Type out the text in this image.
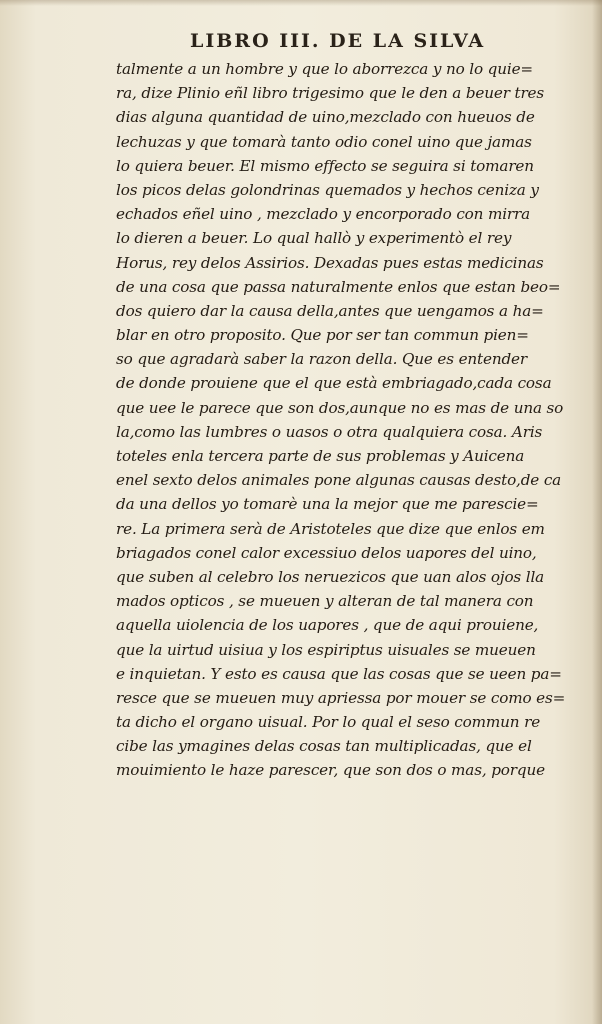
LIBRO III. DE LA SILVA
talmente a un hombre y que lo aborrezca y no lo quie=
ra, dize Plinio eñl libro trigesimo que le den a beuer tres
dias alguna quantidad de uino,mezclado con hueuos de
lechuzas y que tomarà tanto odio conel uino que jamas
lo quiera beuer. El mismo effecto se seguira si tomaren
los picos delas golondrinas quemados y hechos ceniza y
echados eñel uino , mezclado y encorporado con mirra
lo dieren a beuer. Lo qual hallò y experimentò el rey
Horus, rey delos Assirios. Dexadas pues estas medicinas
de una cosa que passa naturalmente enlos que estan beo=
dos quiero dar la causa della,antes que uengamos a ha=
blar en otro proposito. Que por ser tan commun pien=
so que agradarà saber la razon della. Que es entender
de donde prouiene que el que està embriagado,cada cosa
que uee le parece que son dos,aunque no es mas de una so
la,como las lumbres o uasos o otra qualquiera cosa. Aris
toteles enla tercera parte de sus problemas y Auicena
enel sexto delos animales pone algunas causas desto,de ca
da una dellos yo tomarè una la mejor que me parescie=
re. La primera serà de Aristoteles que dize que enlos em
briagados conel calor excessiuo delos uapores del uino,
que suben al celebro los neruezicos que uan alos ojos lla
mados opticos , se mueuen y alteran de tal manera con
aquella uiolencia de los uapores , que de aqui prouiene,
que la uirtud uisiua y los espiriptus uisuales se mueuen
e inquietan. Y esto es causa que las cosas que se ueen pa=
resce que se mueuen muy apriessa por mouer se como es=
ta dicho el organo uisual. Por lo qual el seso commun re
cibe las ymagines delas cosas tan multiplicadas, que el
mouimiento le haze parescer, que son dos o mas, porque
